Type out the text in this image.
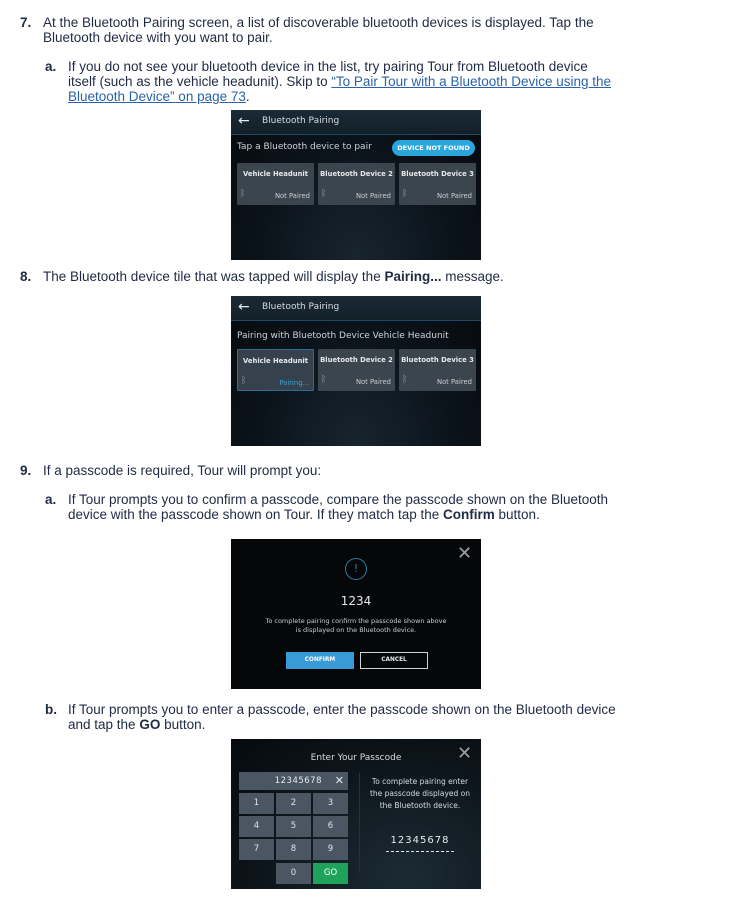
7. At the Bluetooth Pairing screen, a list of discoverable bluetooth devices is displayed. Tap the
Bluetooth device with you want to pair.
a. If you do not see your bluetooth device in the list, try pairing Tour from Bluetooth device
itself (such as the vehicle headunit). Skip to “To Pair Tour with a Bluetooth Device using the
Bluetooth Device” on page 73.
← Bluetooth Pairing
Tap a Bluetooth device to pair	DEVICE NOT FOUND
Vehicle Headunit
ᛒ	Not Paired
Bluetooth Device 2
ᛒ	Not Paired
Bluetooth Device 3
ᛒ	Not Paired
8. The Bluetooth device tile that was tapped will display the Pairing... message.
← Bluetooth Pairing
Pairing with Bluetooth Device Vehicle Headunit
Vehicle Headunit
ᛒ	Pairing...
Bluetooth Device 2
ᛒ	Not Paired
Bluetooth Device 3
ᛒ	Not Paired
9. If a passcode is required, Tour will prompt you:
a. If Tour prompts you to confirm a passcode, compare the passcode shown on the Bluetooth
device with the passcode shown on Tour. If they match tap the Confirm button.
✕
!
1234
To complete pairing confirm the passcode shown above
is displayed on the Bluetooth device.
CONFIRM	CANCEL
b. If Tour prompts you to enter a passcode, enter the passcode shown on the Bluetooth device
and tap the GO button.
Enter Your Passcode	✕
12345678 ✕
1	2	3
4	5	6
7	8	9
0	GO
To complete pairing enter
the passcode displayed on
the Bluetooth device.
12345678
